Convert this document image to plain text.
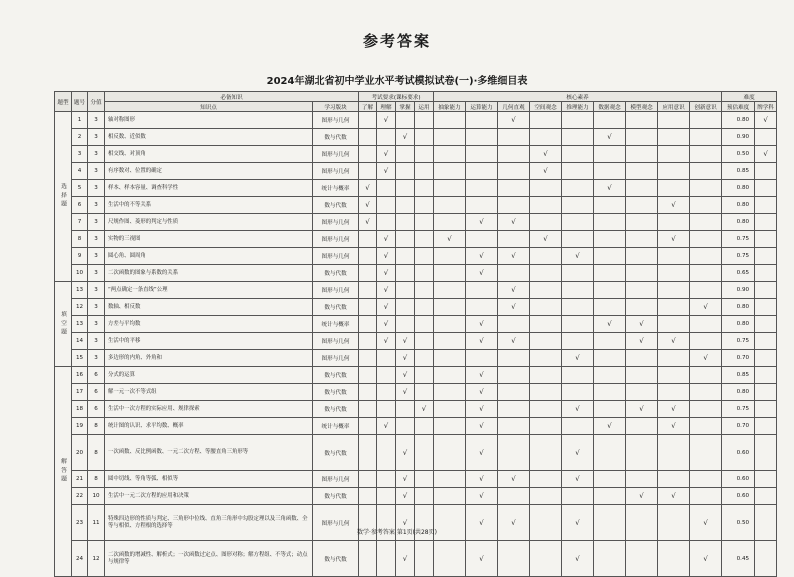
参考答案
2024年湖北省初中学业水平考试模拟试卷(一)·多维细目表
题型	题号	分值	必备知识		考试要求(课标要求)				核心素养									难度	
			知识点	学习版块	了解	理解	掌握	运用	抽象能力	运算能力	几何直观	空间观念	推理能力	数据观念	模型观念	应用意识	创新意识	预估难度	牌学科
选择题	1	3	轴对称图形	图形与几何		√					√							0.80	√
	2	3	相反数、近似数	数与代数			√							√				0.90	
	3	3	相交线、对顶角	图形与几何		√						√						0.50	√
	4	3	有序数对、位置的确定	图形与几何		√						√						0.85	
	5	3	样本、样本容量、调查科学性	统计与概率	√									√				0.80	
	6	3	生活中的不等关系	数与代数	√											√		0.80	
	7	3	尺规作图、菱形的判定与性质	图形与几何	√					√	√							0.80	
	8	3	实物的三视图	图形与几何		√			√			√				√		0.75	
	9	3	圆心角、圆周角	图形与几何		√				√	√		√					0.75	
	10	3	二次函数的图象与系数的关系	数与代数		√				√								0.65	
填空题	13	3	“两点确定一条直线”公理	图形与几何		√					√							0.90	
	12	3	数轴、相反数	数与代数		√					√						√	0.80	
	13	3	方差与平均数	统计与概率		√				√				√	√			0.80	
	14	3	生活中的平移	图形与几何		√	√			√	√				√	√		0.75	
	15	3	多边形的内角、外角和	图形与几何			√						√				√	0.70	
解答题	16	6	分式的运算	数与代数			√			√								0.85	
	17	6	解一元一次不等式组	数与代数			√			√								0.80	
	18	6	生活中一次方程的实际应用、规律探索	数与代数				√		√			√		√	√		0.75	
	19	8	统计图的认识、求平均数、概率	统计与概率		√				√				√		√		0.70	
	20	8	一次函数、反比例函数、一元二次方程、等腰直角三角形等	数与代数			√			√			√					0.60	
	21	8	圆中切线、等角等弧、相似等	图形与几何			√			√	√		√					0.60	
	22	10	生活中一元二次方程的应用和决策	数与代数			√			√					√	√		0.60	
	23	11	特殊四边形的性质与判定、三角形中位线、直角三角形中勾股定理以及三角函数、全等与相似、方程根的选择等	图形与几何			√			√	√		√				√	0.50	
	24	12	二次函数的增减性、解析式；一次函数过定点、图形对称；解方程组、不等式；动点与规律等	数与代数			√			√			√				√	0.45	
数学·参考答案 第1页(共28页)
